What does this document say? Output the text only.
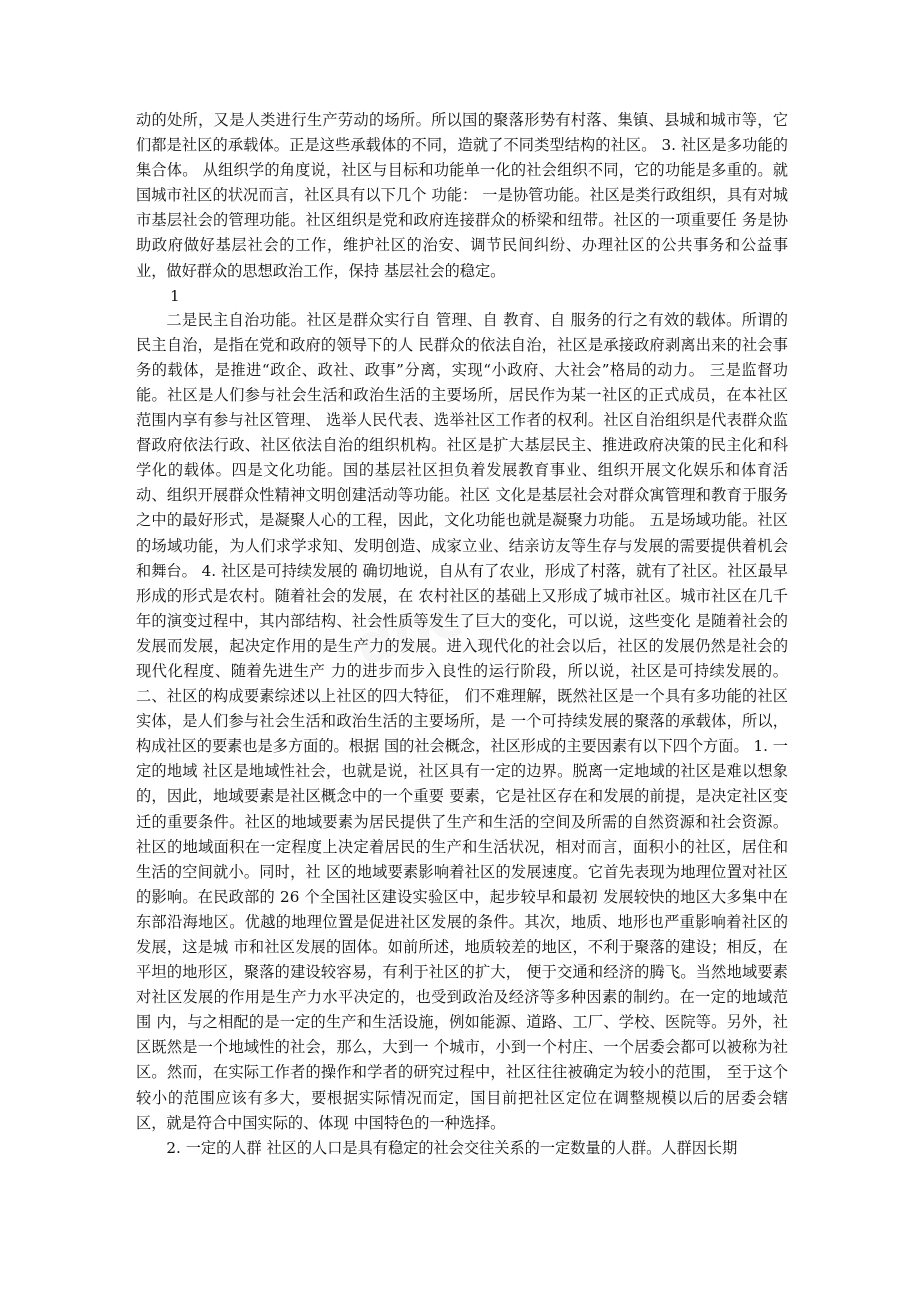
动的处所，又是人类进行生产劳动的场所。所以国的聚落形势有村落、集镇、县城和城市等，它们都是社区的承载体。正是这些承载体的不同，造就了不同类型结构的社区。 3. 社区是多功能的集合体。 从组织学的角度说，社区与目标和功能单一化的社会组织不同，它的功能是多重的。就 国城市社区的状况而言，社区具有以下几个 功能： 一是协管功能。社区是类行政组织，具有对城市基层社会的管理功能。社区组织是党和政府连接群众的桥梁和纽带。社区的一项重要任 务是协助政府做好基层社会的工作，维护社区的治安、调节民间纠纷、办理社区的公共事务和公益事业，做好群众的思想政治工作，保持 基层社会的稳定。

1

二是民主自治功能。社区是群众实行自 管理、自 教育、自 服务的行之有效的载体。所谓的民主自治，是指在党和政府的领导下的人 民群众的依法自治，社区是承接政府剥离出来的社会事务的载体，是推进“政企、政社、政事”分离，实现“小政府、大社会”格局的动力。 三是监督功能。社区是人们参与社会生活和政治生活的主要场所，居民作为某一社区的正式成员，在本社区范围内享有参与社区管理、 选举人民代表、选举社区工作者的权利。社区自治组织是代表群众监督政府依法行政、社区依法自治的组织机构。社区是扩大基层民主、推进政府决策的民主化和科学化的载体。四是文化功能。国的基层社区担负着发展教育事业、组织开展文化娱乐和体育活动、组织开展群众性精神文明创建活动等功能。社区 文化是基层社会对群众寓管理和教育于服务之中的最好形式，是凝聚人心的工程，因此，文化功能也就是凝聚力功能。 五是场域功能。社区的场域功能，为人们求学求知、发明创造、成家立业、结亲访友等生存与发展的需要提供着机会和舞台。 4. 社区是可持续发展的 确切地说，自从有了农业，形成了村落，就有了社区。社区最早形成的形式是农村。随着社会的发展，在 农村社区的基础上又形成了城市社区。城市社区在几千年的演变过程中，其内部结构、社会性质等发生了巨大的变化，可以说，这些变化 是随着社会的发展而发展，起决定作用的是生产力的发展。进入现代化的社会以后，社区的发展仍然是社会的现代化程度、随着先进生产 力的进步而步入良性的运行阶段，所以说，社区是可持续发展的。二、社区的构成要素综述以上社区的四大特征， 们不难理解，既然社区是一个具有多功能的社区实体，是人们参与社会生活和政治生活的主要场所，是 一个可持续发展的聚落的承载体，所以，构成社区的要素也是多方面的。根据 国的社会概念，社区形成的主要因素有以下四个方面。 1. 一定的地域 社区是地域性社会，也就是说，社区具有一定的边界。脱离一定地域的社区是难以想象的，因此，地域要素是社区概念中的一个重要 要素，它是社区存在和发展的前提，是决定社区变迁的重要条件。社区的地域要素为居民提供了生产和生活的空间及所需的自然资源和社会资源。社区的地域面积在一定程度上决定着居民的生产和生活状况，相对而言，面积小的社区，居住和生活的空间就小。同时，社 区的地域要素影响着社区的发展速度。它首先表现为地理位置对社区的影响。在民政部的 26 个全国社区建设实验区中，起步较早和最初 发展较快的地区大多集中在东部沿海地区。优越的地理位置是促进社区发展的条件。其次，地质、地形也严重影响着社区的发展，这是城 市和社区发展的固体。如前所述，地质较差的地区，不利于聚落的建设；相反，在平坦的地形区，聚落的建设较容易，有利于社区的扩大， 便于交通和经济的腾飞。当然地域要素对社区发展的作用是生产力水平决定的，也受到政治及经济等多种因素的制约。在一定的地域范围 内，与之相配的是一定的生产和生活设施，例如能源、道路、工厂、学校、医院等。另外，社区既然是一个地域性的社会，那么，大到一 个城市，小到一个村庄、一个居委会都可以被称为社区。然而，在实际工作者的操作和学者的研究过程中，社区往往被确定为较小的范围， 至于这个较小的范围应该有多大，要根据实际情况而定，国目前把社区定位在调整规模以后的居委会辖区，就是符合中国实际的、体现 中国特色的一种选择。

2. 一定的人群 社区的人口是具有稳定的社会交往关系的一定数量的人群。人群因长期
